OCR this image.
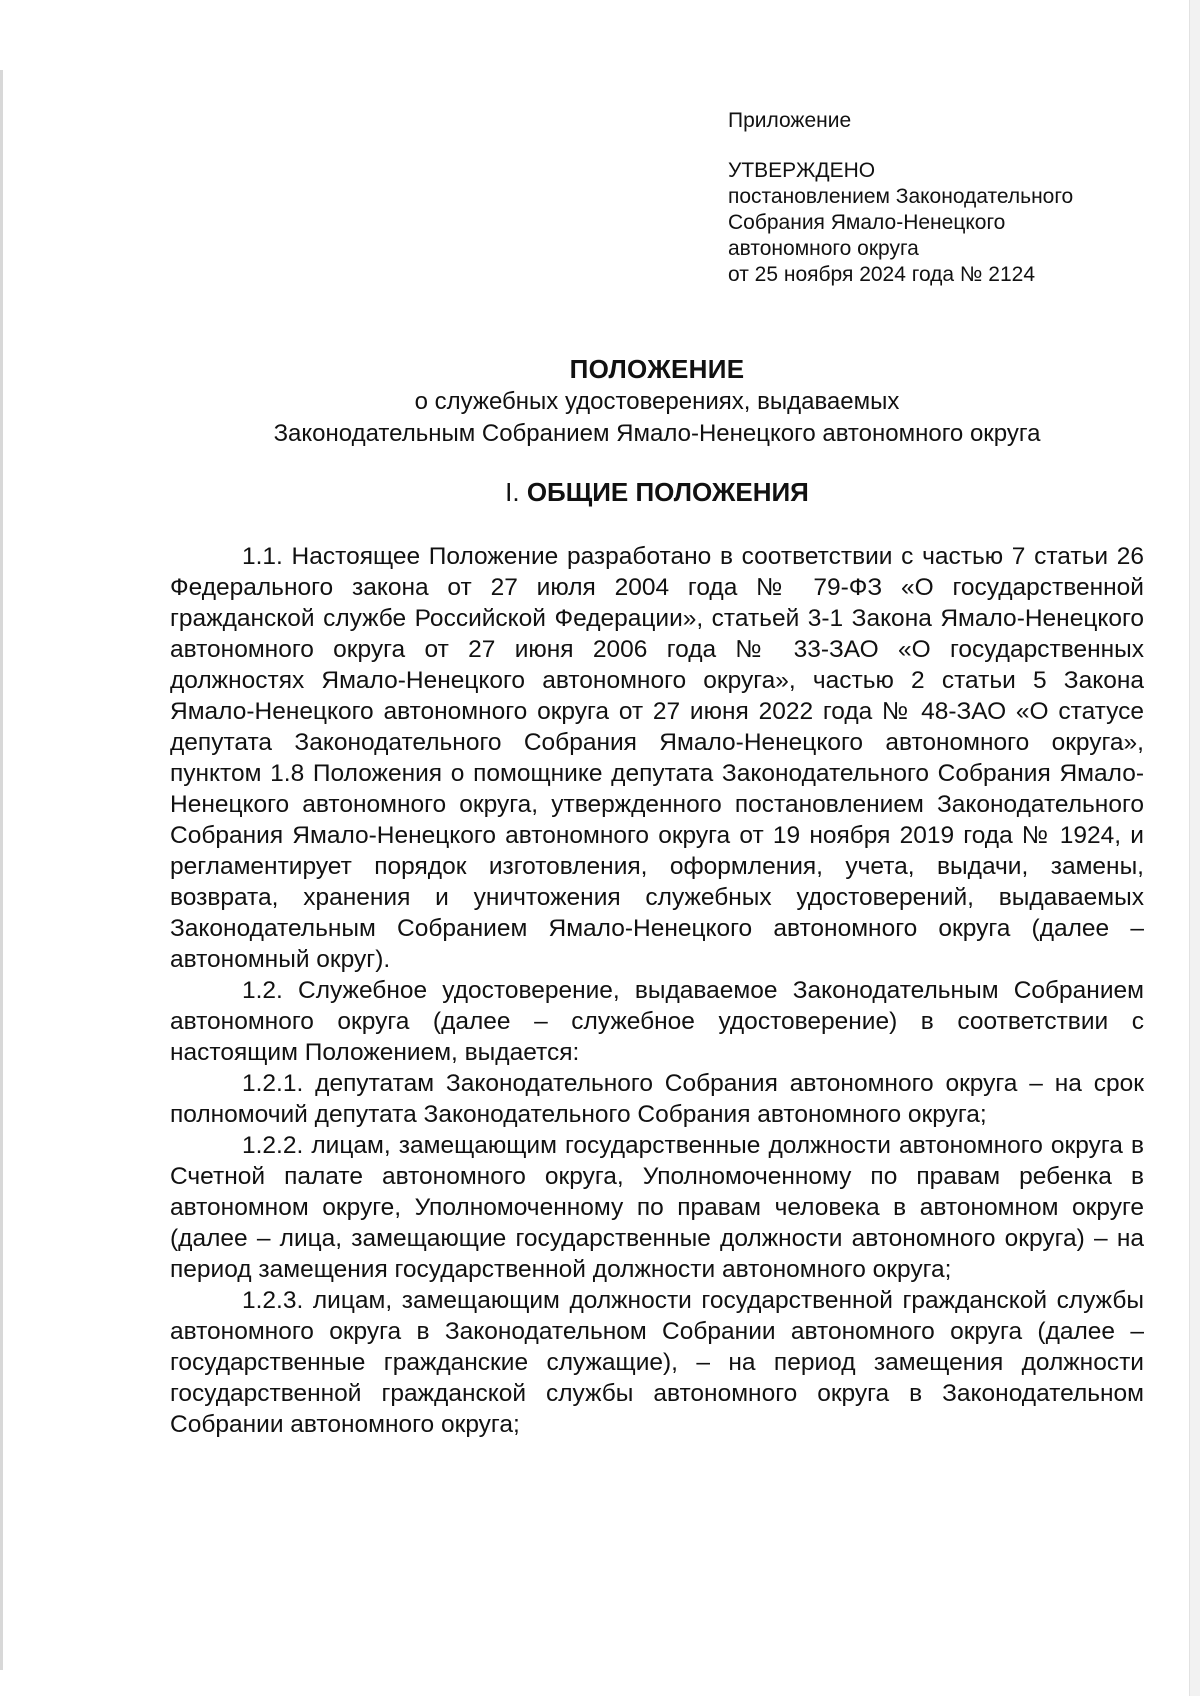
Приложение

УТВЕРЖДЕНО

постановлением Законодательного

Собрания Ямало-Ненецкого

автономного округа

от 25 ноября 2024 года № 2124

ПОЛОЖЕНИЕ
о служебных удостоверениях, выдаваемых
Законодательным Собранием Ямало-Ненецкого автономного округа
I. ОБЩИЕ ПОЛОЖЕНИЯ

1.1. Настоящее Положение разработано в соответствии с частью 7 статьи 26 Федерального закона от 27 июля 2004 года № 79-ФЗ «О государственной гражданской службе Российской Федерации», статьей 3-1 Закона Ямало-Ненецкого автономного округа от 27 июня 2006 года № 33-ЗАО «О государственных должностях Ямало-Ненецкого автономного округа», частью 2 статьи 5 Закона Ямало-Ненецкого автономного округа от 27 июня 2022 года № 48-ЗАО «О статусе депутата Законодательного Собрания Ямало-Ненецкого автономного округа», пунктом 1.8 Положения о помощнике депутата Законодательного Собрания Ямало-Ненецкого автономного округа, утвержденного постановлением Законодательного Собрания Ямало-Ненецкого автономного округа от 19 ноября 2019 года № 1924, и регламентирует порядок изготовления, оформления, учета, выдачи, замены, возврата, хранения и уничтожения служебных удостоверений, выдаваемых Законодательным Собранием Ямало-Ненецкого автономного округа (далее – автономный округ).

1.2. Служебное удостоверение, выдаваемое Законодательным Собранием автономного округа (далее – служебное удостоверение) в соответствии с настоящим Положением, выдается:

1.2.1. депутатам Законодательного Собрания автономного округа – на срок полномочий депутата Законодательного Собрания автономного округа;

1.2.2. лицам, замещающим государственные должности автономного округа в Счетной палате автономного округа, Уполномоченному по правам ребенка в автономном округе, Уполномоченному по правам человека в автономном округе (далее – лица, замещающие государственные должности автономного округа) – на период замещения государственной должности автономного округа;

1.2.3. лицам, замещающим должности государственной гражданской службы автономного округа в Законодательном Собрании автономного округа (далее – государственные гражданские служащие), – на период замещения должности государственной гражданской службы автономного округа в Законодательном Собрании автономного округа;
